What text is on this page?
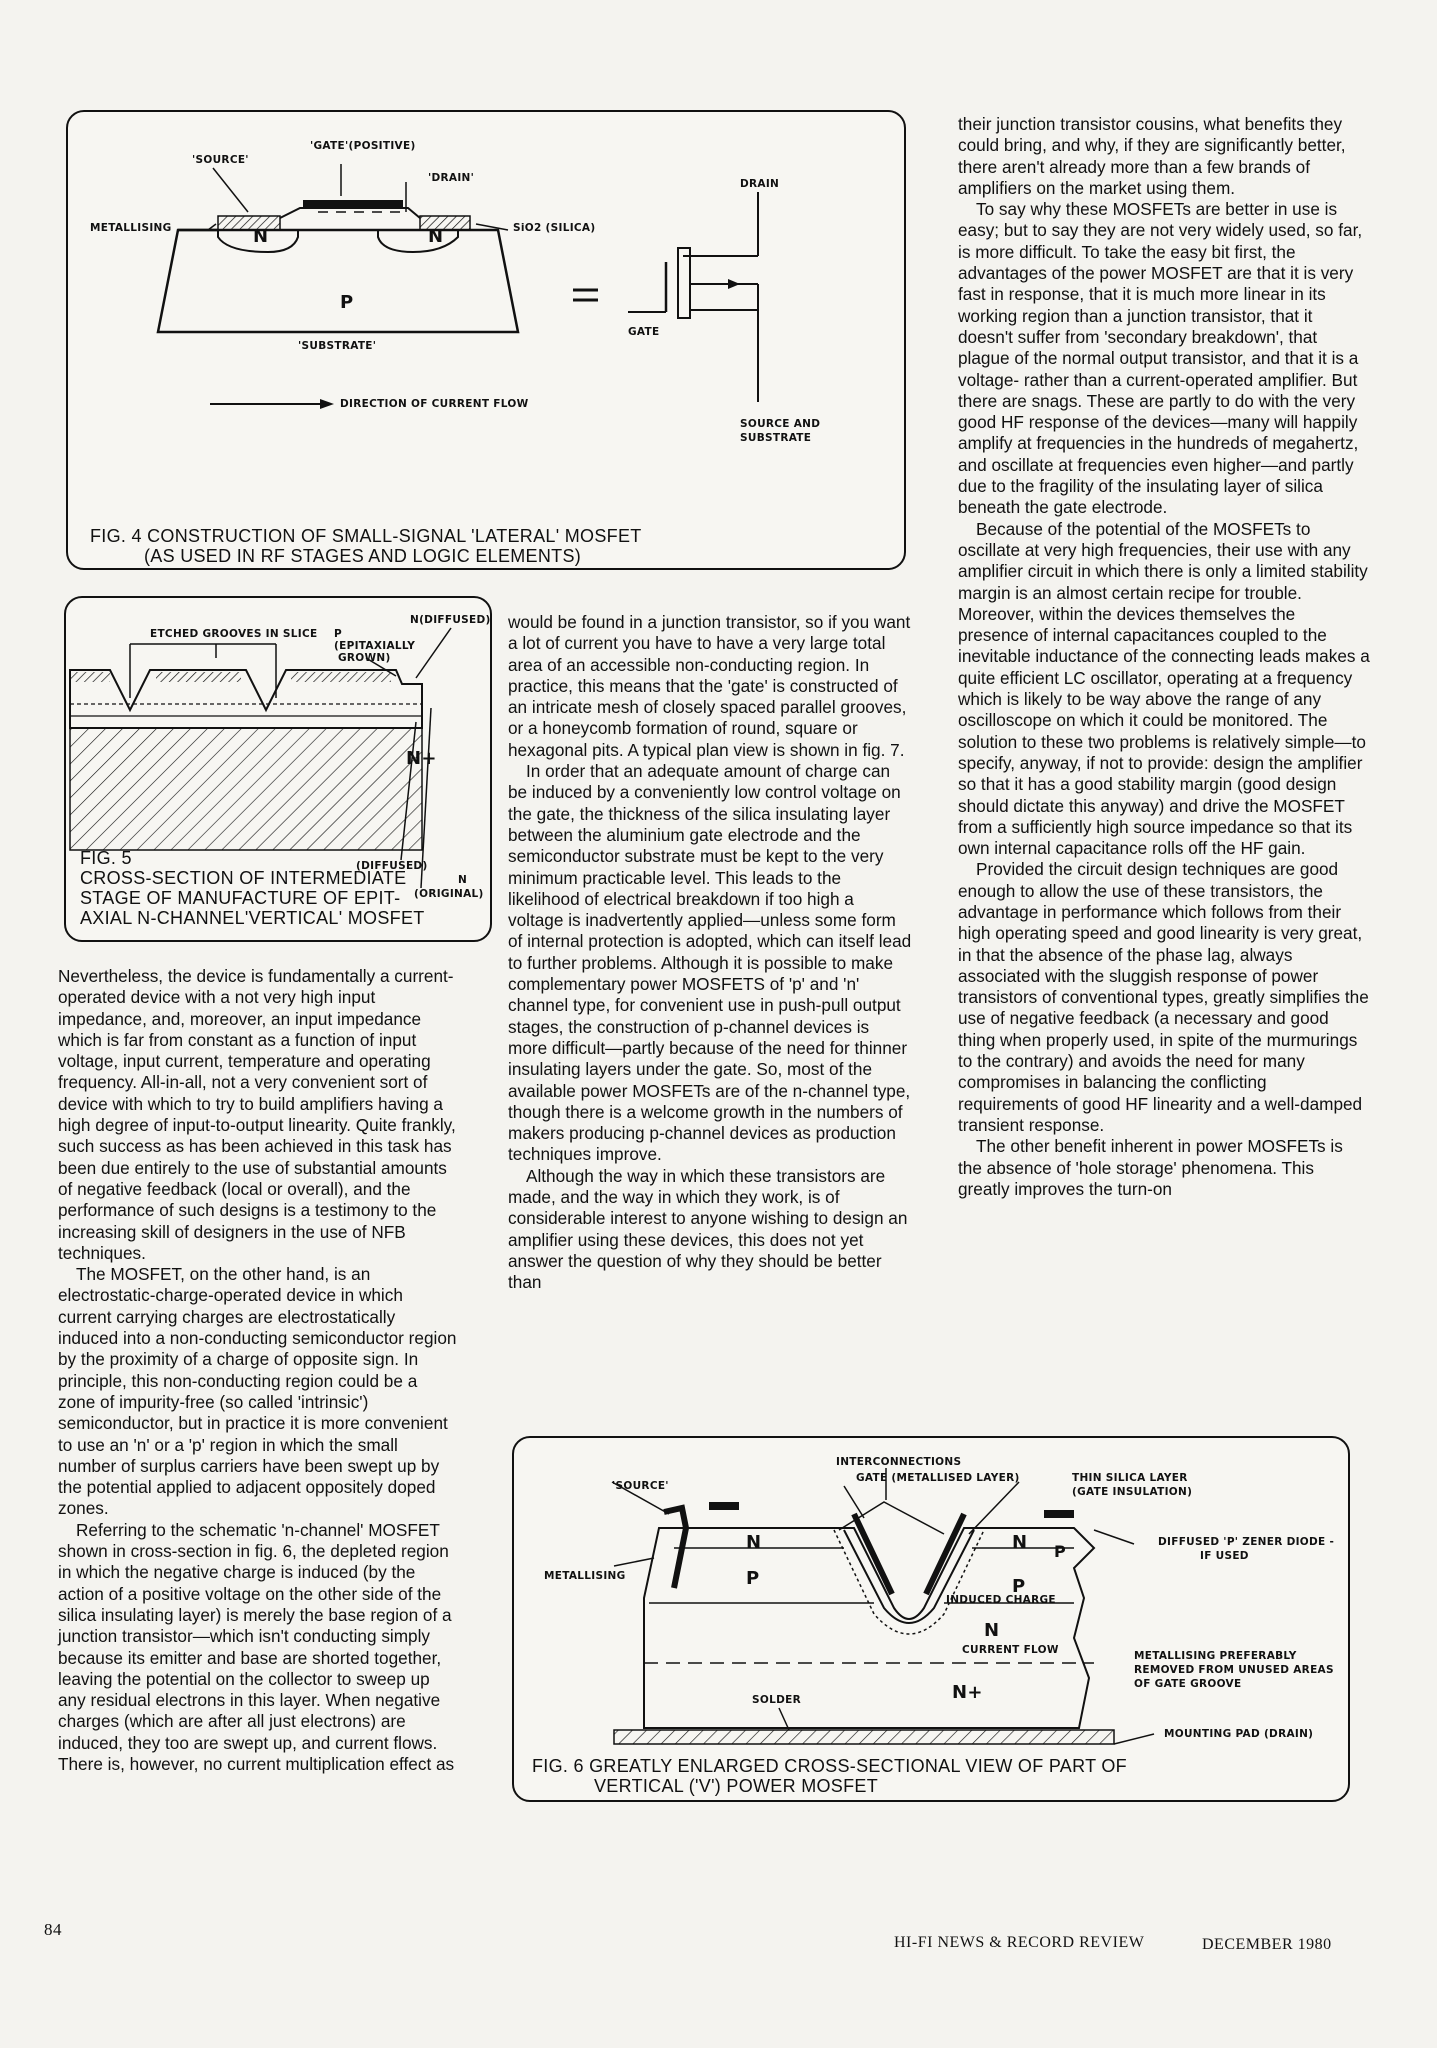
'SOURCE'
'GATE'(POSITIVE)
'DRAIN'
METALLISING	SiO2 (SILICA)
N	N
P
'SUBSTRATE'
DIRECTION OF CURRENT FLOW
DRAIN
GATE
SOURCE AND
SUBSTRATE
FIG. 4 CONSTRUCTION OF SMALL-SIGNAL 'LATERAL' MOSFET
(AS USED IN RF STAGES AND LOGIC ELEMENTS)
ETCHED GROOVES IN SLICE
N(DIFFUSED)
P
(EPITAXIALLY
GROWN)
N+
(DIFFUSED)
N
(ORIGINAL)
FIG. 5
CROSS-SECTION OF INTERMEDIATE
STAGE OF MANUFACTURE OF EPIT-
AXIAL N-CHANNEL'VERTICAL' MOSFET

Nevertheless, the device is fundamentally a current-operated device with a not very high input impedance, and, moreover, an input impedance which is far from constant as a function of input voltage, input current, temperature and operating frequency. All-in-all, not a very convenient sort of device with which to try to build amplifiers having a high degree of input-to-output linearity. Quite frankly, such success as has been achieved in this task has been due entirely to the use of substantial amounts of negative feedback (local or overall), and the performance of such designs is a testimony to the increasing skill of designers in the use of NFB techniques.

The MOSFET, on the other hand, is an electrostatic-charge-operated device in which current carrying charges are electrostatically induced into a non-conducting semiconductor region by the proximity of a charge of opposite sign. In principle, this non-conducting region could be a zone of impurity-free (so called 'intrinsic') semiconductor, but in practice it is more convenient to use an 'n' or a 'p' region in which the small number of surplus carriers have been swept up by the potential applied to adjacent oppositely doped zones.

Referring to the schematic 'n-channel' MOSFET shown in cross-section in fig. 6, the depleted region in which the negative charge is induced (by the action of a positive voltage on the other side of the silica insulating layer) is merely the base region of a junction transistor—which isn't conducting simply because its emitter and base are shorted together, leaving the potential on the collector to sweep up any residual electrons in this layer. When negative charges (which are after all just electrons) are induced, they too are swept up, and current flows. There is, however, no current multiplication effect as

would be found in a junction transistor, so if you want a lot of current you have to have a very large total area of an accessible non-conducting region. In practice, this means that the 'gate' is constructed of an intricate mesh of closely spaced parallel grooves, or a honeycomb formation of round, square or hexagonal pits. A typical plan view is shown in fig. 7.

In order that an adequate amount of charge can be induced by a conveniently low control voltage on the gate, the thickness of the silica insulating layer between the aluminium gate electrode and the semiconductor substrate must be kept to the very minimum practicable level. This leads to the likelihood of electrical breakdown if too high a voltage is inadvertently applied—unless some form of internal protection is adopted, which can itself lead to further problems. Although it is possible to make complementary power MOSFETS of 'p' and 'n' channel type, for convenient use in push-pull output stages, the construction of p-channel devices is more difficult—partly because of the need for thinner insulating layers under the gate. So, most of the available power MOSFETs are of the n-channel type, though there is a welcome growth in the numbers of makers producing p-channel devices as production techniques improve.

Although the way in which these transistors are made, and the way in which they work, is of considerable interest to anyone wishing to design an amplifier using these devices, this does not yet answer the question of why they should be better than

their junction transistor cousins, what benefits they could bring, and why, if they are significantly better, there aren't already more than a few brands of amplifiers on the market using them.

To say why these MOSFETs are better in use is easy; but to say they are not very widely used, so far, is more difficult. To take the easy bit first, the advantages of the power MOSFET are that it is very fast in response, that it is much more linear in its working region than a junction transistor, that it doesn't suffer from 'secondary breakdown', that plague of the normal output transistor, and that it is a voltage- rather than a current-operated amplifier. But there are snags. These are partly to do with the very good HF response of the devices—many will happily amplify at frequencies in the hundreds of megahertz, and oscillate at frequencies even higher—and partly due to the fragility of the insulating layer of silica beneath the gate electrode.

Because of the potential of the MOSFETs to oscillate at very high frequencies, their use with any amplifier circuit in which there is only a limited stability margin is an almost certain recipe for trouble. Moreover, within the devices themselves the presence of internal capacitances coupled to the inevitable inductance of the connecting leads makes a quite efficient LC oscillator, operating at a frequency which is likely to be way above the range of any oscilloscope on which it could be monitored. The solution to these two problems is relatively simple—to specify, anyway, if not to provide: design the amplifier so that it has a good stability margin (good design should dictate this anyway) and drive the MOSFET from a sufficiently high source impedance so that its own internal capacitance rolls off the HF gain.

Provided the circuit design techniques are good enough to allow the use of these transistors, the advantage in performance which follows from their high operating speed and good linearity is very great, in that the absence of the phase lag, always associated with the sluggish response of power transistors of conventional types, greatly simplifies the use of negative feedback (a necessary and good thing when properly used, in spite of the murmurings to the contrary) and avoids the need for many compromises in balancing the conflicting requirements of good HF linearity and a well-damped transient response.

The other benefit inherent in power MOSFETs is the absence of 'hole storage' phenomena. This greatly improves the turn-on

INTERCONNECTIONS
'SOURCE'
GATE (METALLISED LAYER)	THIN SILICA LAYER
(GATE INSULATION)
METALLISING
N	N
P	P
P
INDUCED CHARGE
N
CURRENT FLOW
N+
SOLDER
DIFFUSED 'P' ZENER DIODE -
IF USED
METALLISING PREFERABLY
REMOVED FROM UNUSED AREAS
OF GATE GROOVE
MOUNTING PAD (DRAIN)
FIG. 6 GREATLY ENLARGED CROSS-SECTIONAL VIEW OF PART OF
VERTICAL ('V') POWER MOSFET
84
HI-FI NEWS & RECORD REVIEW	DECEMBER 1980
